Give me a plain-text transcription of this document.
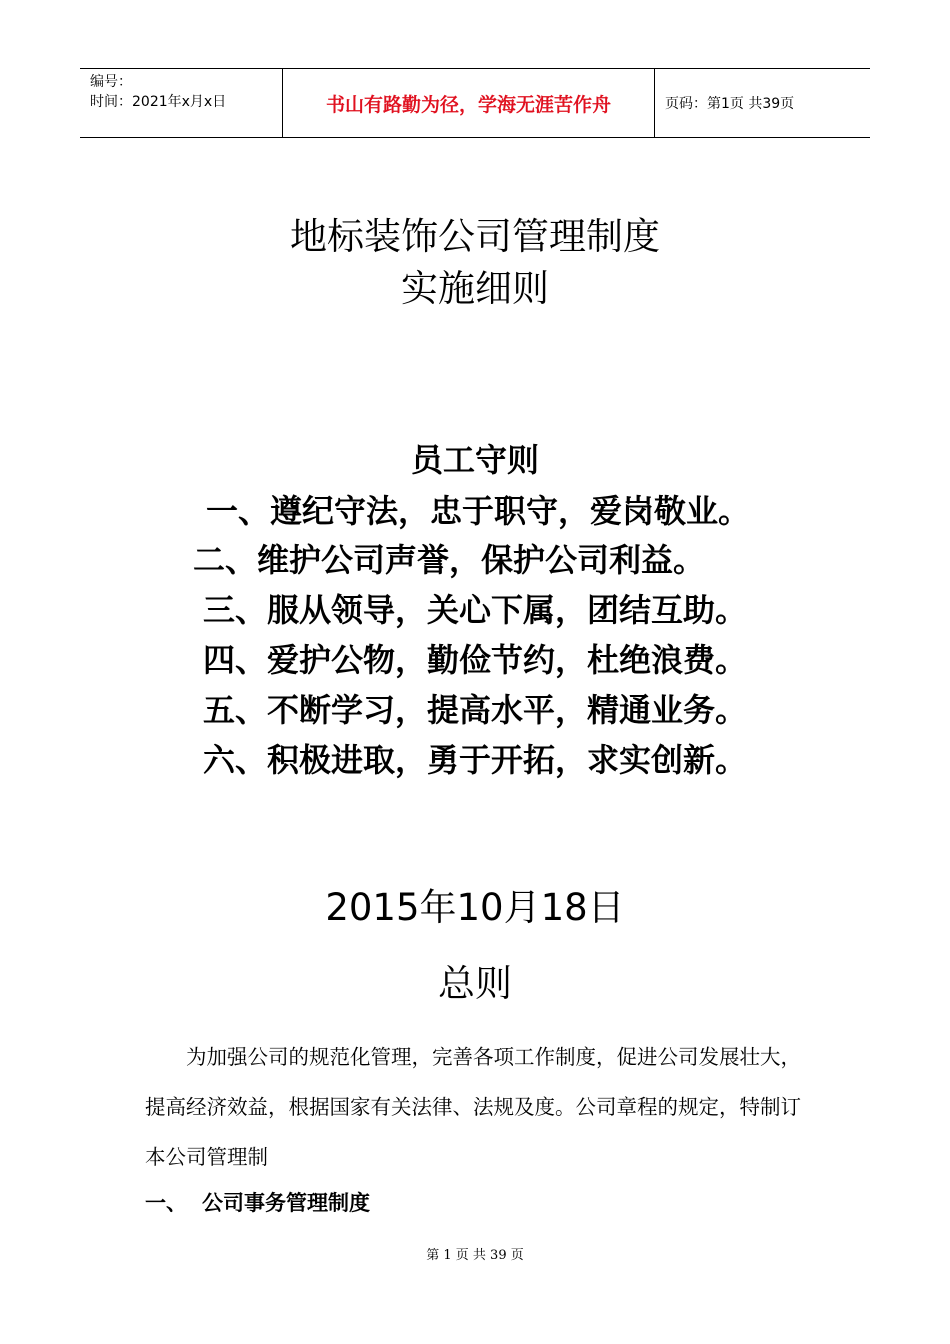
编号：
时间：2021年x月x日	书山有路勤为径，学海无涯苦作舟	页码：第1页 共39页
地标装饰公司管理制度
实施细则
员工守则
一、遵纪守法，忠于职守，爱岗敬业。
二、维护公司声誉，保护公司利益。
三、服从领导，关心下属，团结互助。
四、爱护公物，勤俭节约，杜绝浪费。
五、不断学习，提高水平，精通业务。
六、积极进取，勇于开拓，求实创新。
2015年10月18日
总则

为加强公司的规范化管理，完善各项工作制度，促进公司发展壮大，提高经济效益，根据国家有关法律、法规及度。公司章程的规定，特制订本公司管理制

一、 公司事务管理制度
第 1 页 共 39 页
